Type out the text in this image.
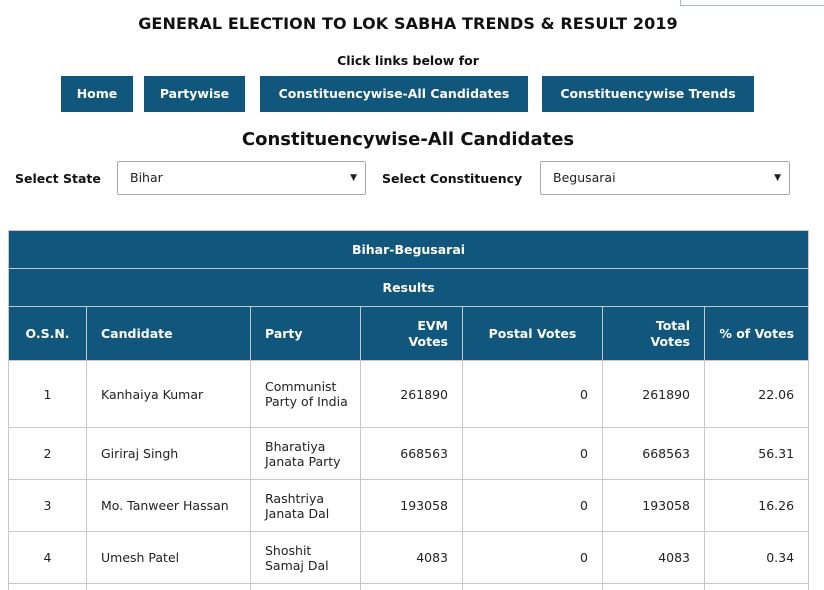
GENERAL ELECTION TO LOK SABHA TRENDS & RESULT 2019
Click links below for
Home	Partywise	Constituencywise-All Candidates	Constituencywise Trends
Constituencywise-All Candidates
Select State	Bihar	▼ Select Constituency	Begusarai	▼
Bihar-Begusarai						
Results						
O.S.N.	Candidate	Party	EVM Votes	Postal Votes	Total Votes	% of Votes
1	Kanhaiya Kumar	Communist Party of India	261890	0	261890	22.06
2	Giriraj Singh	Bharatiya Janata Party	668563	0	668563	56.31
3	Mo. Tanweer Hassan	Rashtriya Janata Dal	193058	0	193058	16.26
4	Umesh Patel	Shoshit Samaj Dal	4083	0	4083	0.34
